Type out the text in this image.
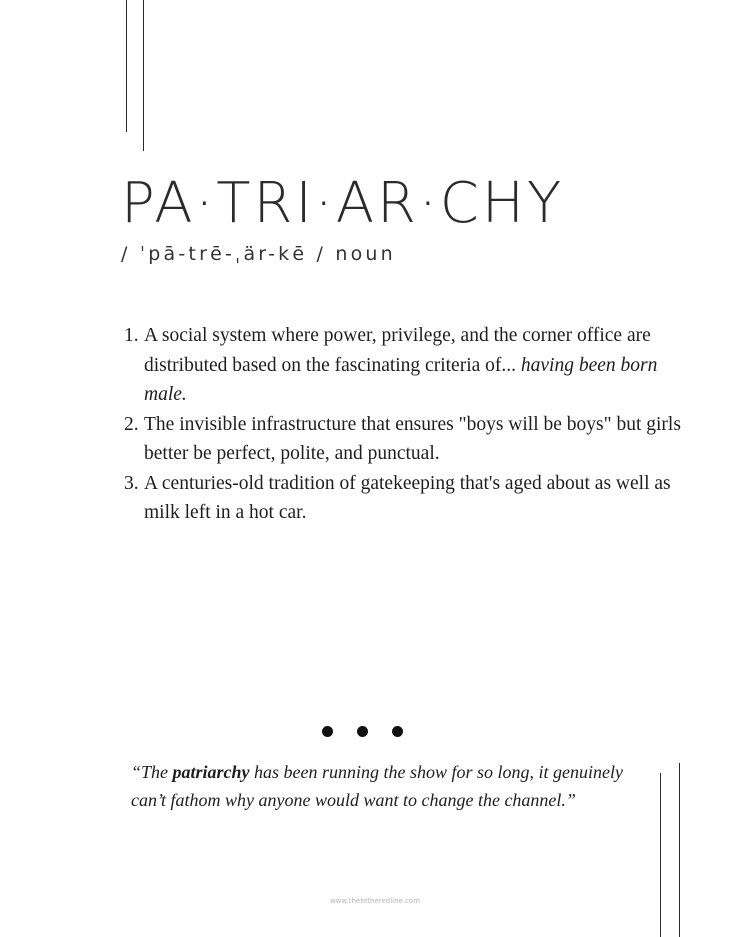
PA·TRI·AR·CHY
/ ˈpā-trē-ˌär-kē / noun
1. A social system where power, privilege, and the corner office are distributed based on the fascinating criteria of... having been born male.
2. The invisible infrastructure that ensures "boys will be boys" but girls better be perfect, polite, and punctual.
3. A centuries-old tradition of gatekeeping that's aged about as well as milk left in a hot car.

“The patriarchy has been running the show for so long, it genuinely can’t fathom why anyone would want to change the channel.”

www.thetetheredline.com
